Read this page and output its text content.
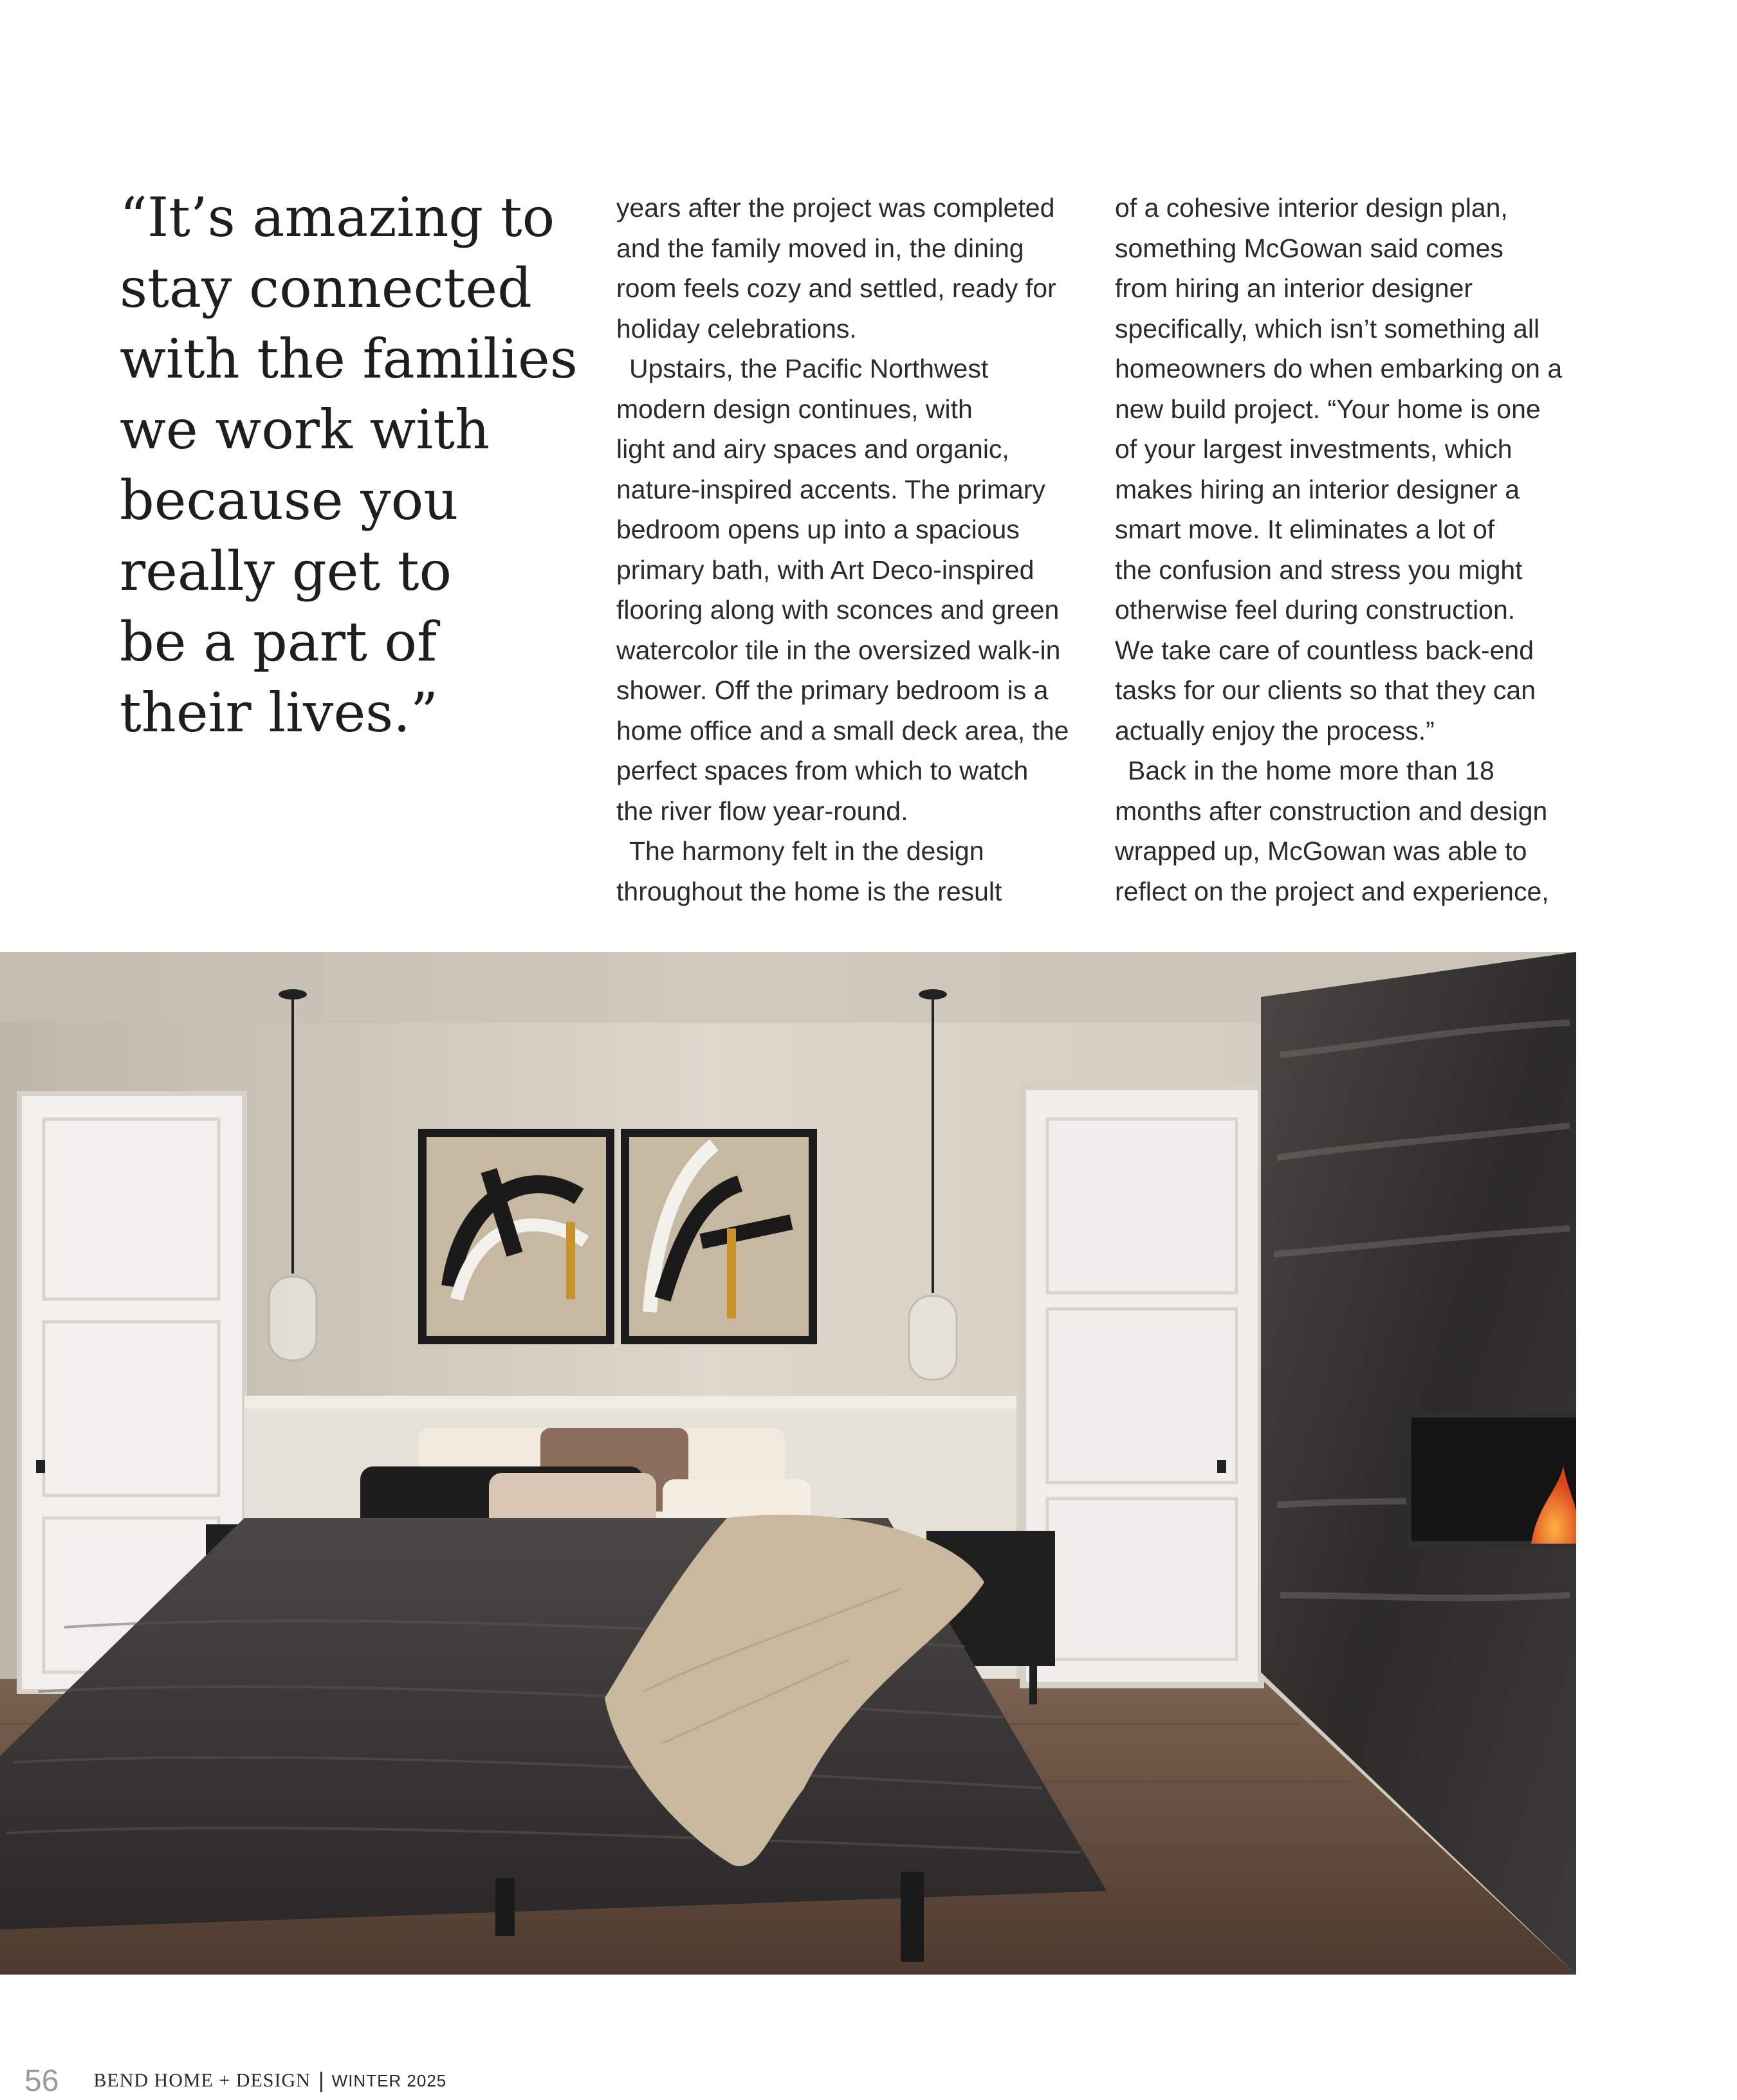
“It’s amazing to
stay connected
with the families
we work with
because you
really get to
be a part of
their lives.”
years after the project was completed
and the family moved in, the dining
room feels cozy and settled, ready for
holiday celebrations.
Upstairs, the Pacific Northwest
modern design continues, with
light and airy spaces and organic,
nature-inspired accents. The primary
bedroom opens up into a spacious
primary bath, with Art Deco-inspired
flooring along with sconces and green
watercolor tile in the oversized walk-in
shower. Off the primary bedroom is a
home office and a small deck area, the
perfect spaces from which to watch
the river flow year-round.
The harmony felt in the design
throughout the home is the result
of a cohesive interior design plan,
something McGowan said comes
from hiring an interior designer
specifically, which isn’t something all
homeowners do when embarking on a
new build project. “Your home is one
of your largest investments, which
makes hiring an interior designer a
smart move. It eliminates a lot of
the confusion and stress you might
otherwise feel during construction.
We take care of countless back-end
tasks for our clients so that they can
actually enjoy the process.”
Back in the home more than 18
months after construction and design
wrapped up, McGowan was able to
reflect on the project and experience,
56 BEND HOME + DESIGN | WINTER 2025
